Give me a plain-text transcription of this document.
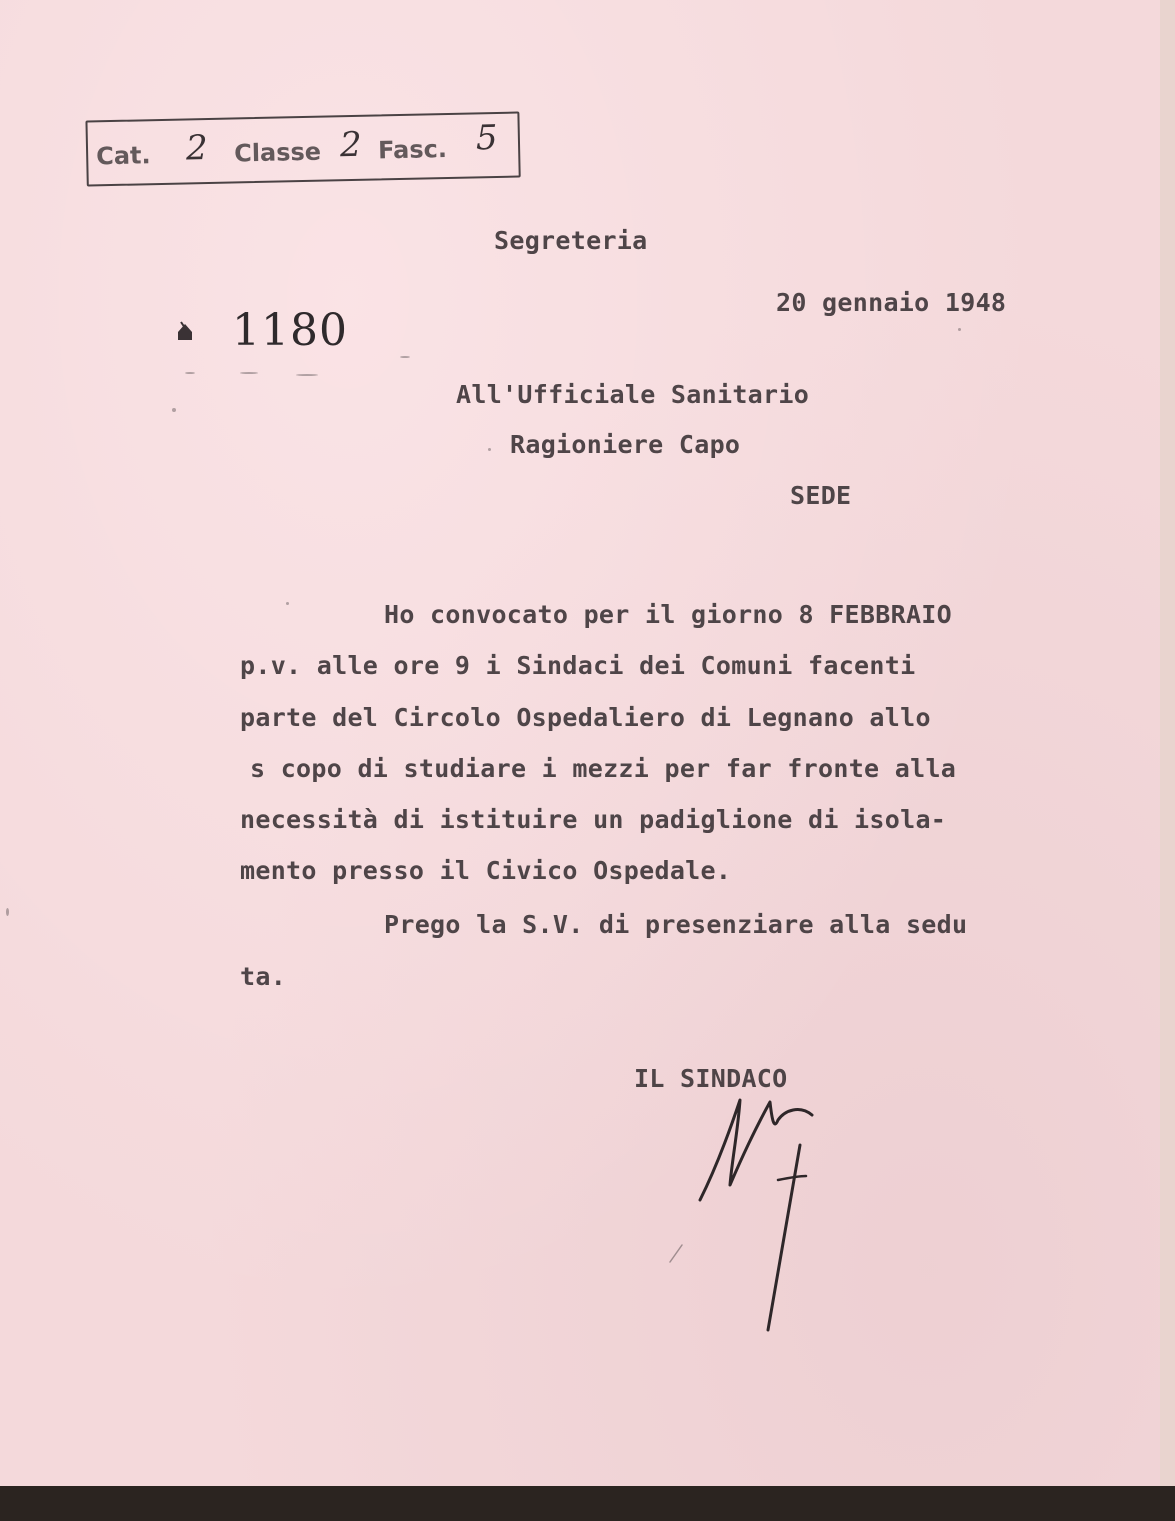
Cat. 2 Classe 2 Fasc. 5
Segreteria
20 gennaio 1948
1180
All'Ufficiale Sanitario
Ragioniere Capo
SEDE
Ho convocato per il giorno 8 FEBBRAIO
p.v. alle ore 9 i Sindaci dei Comuni facenti
parte del Circolo Ospedaliero di Legnano allo
s copo di studiare i mezzi per far fronte alla
necessità di istituire un padiglione di isola-
mento presso il Civico Ospedale.
Prego la S.V. di presenziare alla sedu
ta.
IL SINDACO
